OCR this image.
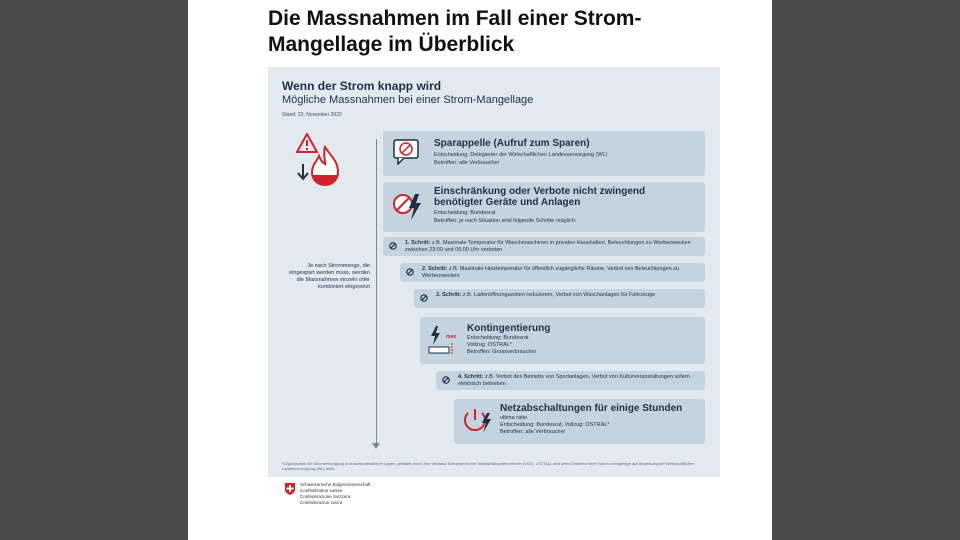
Die Massnahmen im Fall einer Strom-Mangellage im Überblick
Wenn der Strom knapp wird
Mögliche Massnahmen bei einer Strom-Mangellage
Stand: 23. November 2022
Je nach Strommenge, die eingespart werden muss, werden die Massnahmen einzeln oder kombiniert eingesetzt
Sparappelle (Aufruf zum Sparen)
Entscheidung: Delegierter der Wirtschaftlichen Landesversorgung (WL)
Betroffen: alle Verbraucher
Einschränkung oder Verbote nicht zwingend benötigter Geräte und Anlagen
Entscheidung: Bundesrat
Betroffen: je nach Situation sind folgende Schritte möglich:
1. Schritt: z.B. Maximale Temperatur für Waschmaschinen in privaten Haushalten, Beleuchtungen zu Werbezwecken zwischen 23:00 und 05:00 Uhr verboten
2. Schritt: z.B. Maximale Heiztemperatur für öffentlich zugängliche Räume, Verbot von Beleuchtungen zu Werbezwecken
3. Schritt: z.B. Ladenöffnungszeiten reduzieren, Verbot von Waschanlagen für Fahrzeuge
max
Kontingentierung
Entscheidung: Bundesrat
Vollzug: OSTRAL*
Betroffen: Grossverbraucher
4. Schritt: z.B. Verbot des Betriebs von Sportanlagen, Verbot von Kulturveranstaltungen sofern elektrisch betrieben
Netzabschaltungen für einige Stunden
ultima ratio
Entscheidung: Bundesrat, Vollzug: OSTRAL*
Betroffen: alle Verbraucher
*Organisation für Stromversorgung in ausserordentlichen Lagen, gebildet durch den Verband Schweizerischer Elektrizitätsunternehmen (VSE). OSTRAL wird beim Eintreten einer Strom-mangellage auf Anweisung der Wirtschaftlichen Landesversorgung (WL) aktiv.
Schweizerische Eidgenossenschaft
Confédération suisse
Confederazione Svizzera
Confederaziun svizra
